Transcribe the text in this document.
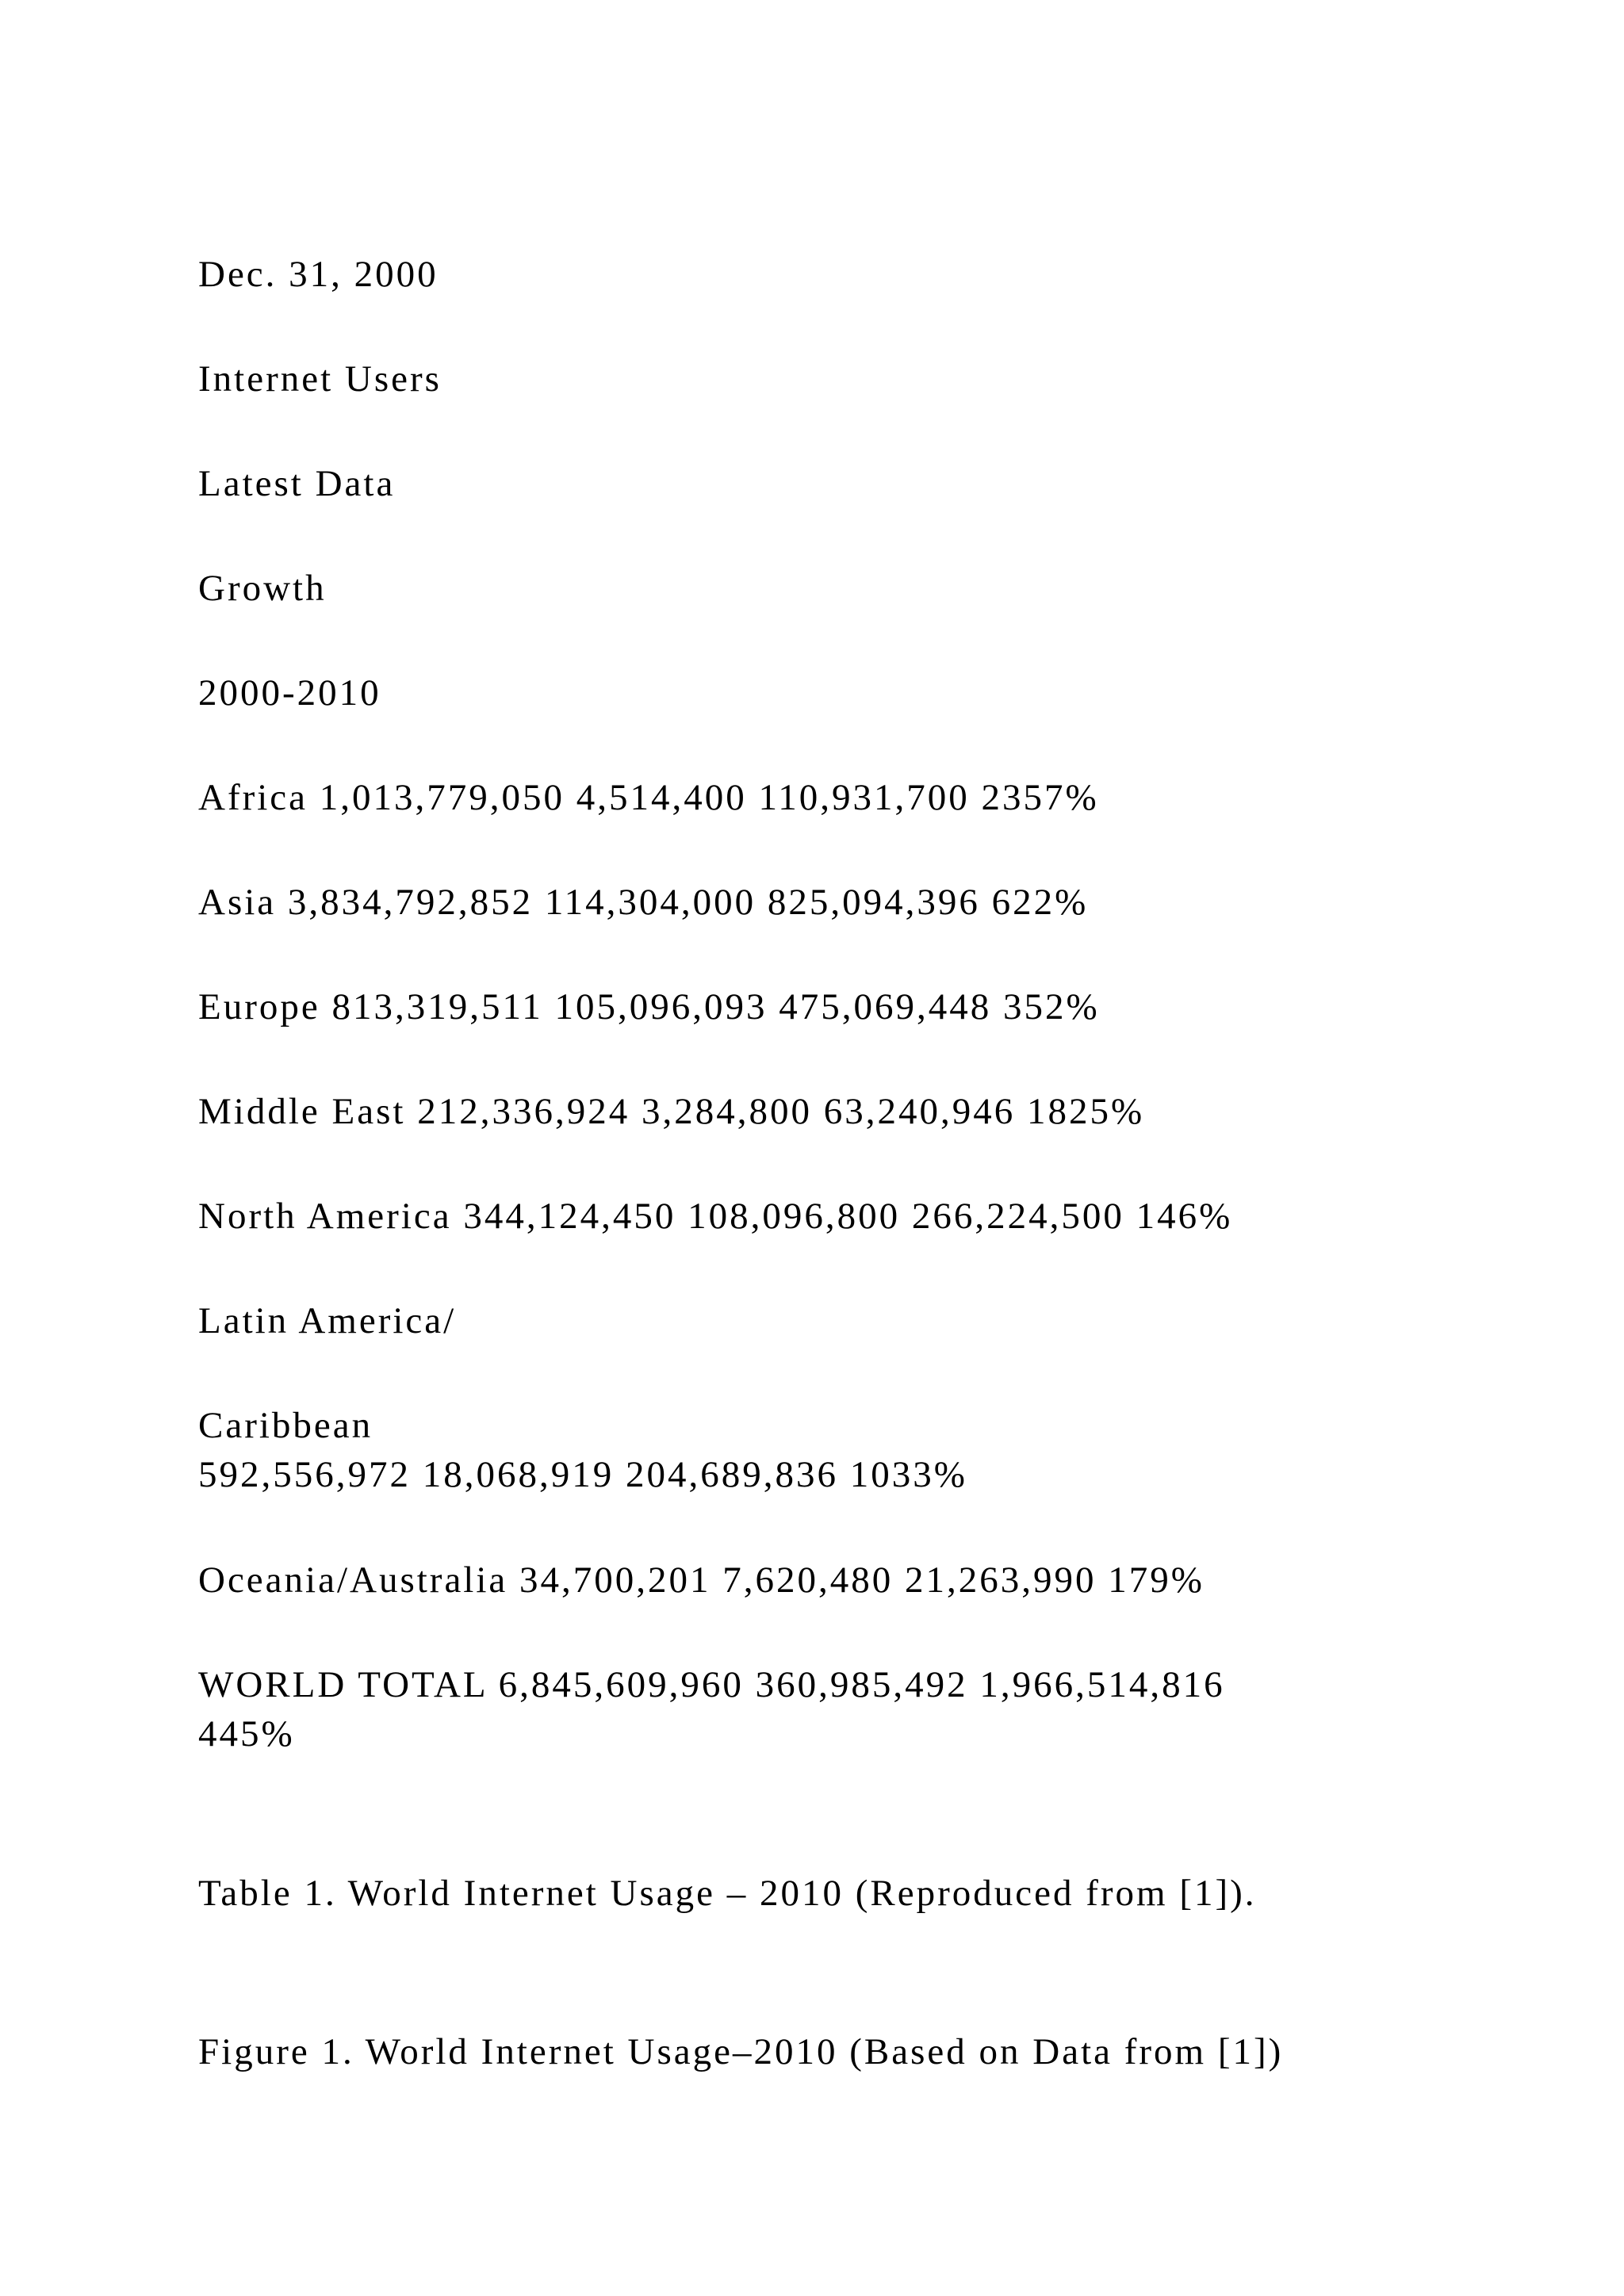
Dec. 31, 2000

Internet Users

Latest Data

Growth

2000-2010

Africa 1,013,779,050 4,514,400 110,931,700 2357%

Asia 3,834,792,852 114,304,000 825,094,396 622%

Europe 813,319,511 105,096,093 475,069,448 352%

Middle East 212,336,924 3,284,800 63,240,946 1825%

North America 344,124,450 108,096,800 266,224,500 146%

Latin America/

Caribbean

592,556,972 18,068,919 204,689,836 1033%

Oceania/Australia 34,700,201 7,620,480 21,263,990 179%

WORLD TOTAL 6,845,609,960 360,985,492 1,966,514,816

445%

Table 1. World Internet Usage – 2010 (Reproduced from [1]).

Figure 1. World Internet Usage–2010 (Based on Data from [1])
